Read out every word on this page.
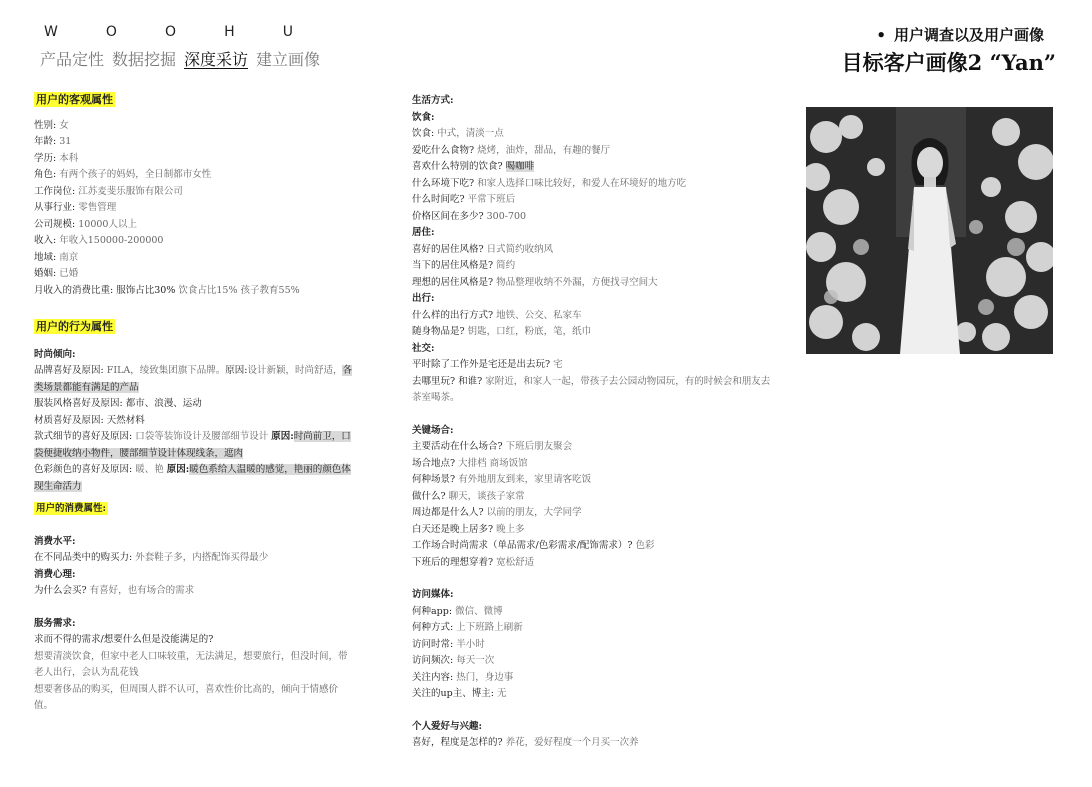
W	O	O	H	U
产品定性 数据挖掘 深度采访 建立画像
• 用户调查以及用户画像
目标客户画像2 “Yan”

用户的客观属性

性别: 女

年龄: 31

学历: 本科

角色: 有两个孩子的妈妈，全日制都市女性

工作岗位: 江苏麦斐乐服饰有限公司

从事行业: 零售管理

公司规模: 10000人以上

收入: 年收入150000-200000

地域: 南京

婚姻: 已婚

月收入的消费比重: 服饰占比30% 饮食占比15% 孩子教育55%

用户的行为属性

时尚倾向:

品牌喜好及原因: FILA，绫致集团旗下品牌。原因:设计新颖，时尚舒适，各类场景都能有满足的产品

服装风格喜好及原因: 都市、浪漫、运动

材质喜好及原因: 天然材料

款式细节的喜好及原因: 口袋等装饰设计及腰部细节设计 原因:时尚前卫，口袋便捷收纳小物件，腰部细节设计体现线条，遮肉

色彩颜色的喜好及原因: 暖、艳 原因:暖色系给人温暖的感觉，艳丽的颜色体现生命活力

用户的消费属性:

消费水平:

在不同品类中的购买力: 外套鞋子多，内搭配饰买得最少

消费心理:

为什么会买? 有喜好，也有场合的需求

服务需求:

求而不得的需求/想要什么但是没能满足的?

想要清淡饮食，但家中老人口味较重，无法满足，想要旅行，但没时间，带老人出行，会认为乱花钱

想要奢侈品的购买，但周围人群不认可，喜欢性价比高的，倾向于情感价值。

生活方式:

饮食:

饮食: 中式，清淡一点

爱吃什么食物? 烧烤，油炸，甜品，有趣的餐厅

喜欢什么特别的饮食? 喝咖啡

什么环境下吃? 和家人选择口味比较好，和爱人在环境好的地方吃

什么时间吃? 平常下班后

价格区间在多少? 300-700

居住:

喜好的居住风格? 日式简约收纳风

当下的居住风格是? 简约

理想的居住风格是? 物品整理收纳不外漏，方便找寻空间大

出行:

什么样的出行方式? 地铁、公交、私家车

随身物品是? 钥匙，口红，粉底，笔，纸巾

社交:

平时除了工作外是宅还是出去玩? 宅

去哪里玩? 和谁? 家附近，和家人一起，带孩子去公园动物园玩，有的时候会和朋友去茶室喝茶。

关键场合:

主要活动在什么场合? 下班后朋友聚会

场合地点? 大排档 商场饭馆

何种场景? 有外地朋友到来，家里请客吃饭

做什么? 聊天，谈孩子家常

周边都是什么人? 以前的朋友，大学同学

白天还是晚上居多? 晚上多

工作场合时尚需求（单品需求/色彩需求/配饰需求）? 色彩

下班后的理想穿着? 宽松舒适

访问媒体:

何种app: 微信、微博

何种方式: 上下班路上刷新

访问时常: 半小时

访问频次: 每天一次

关注内容: 热门，身边事

关注的up主、博主: 无

个人爱好与兴趣:

喜好，程度是怎样的? 养花，爱好程度一个月买一次养
